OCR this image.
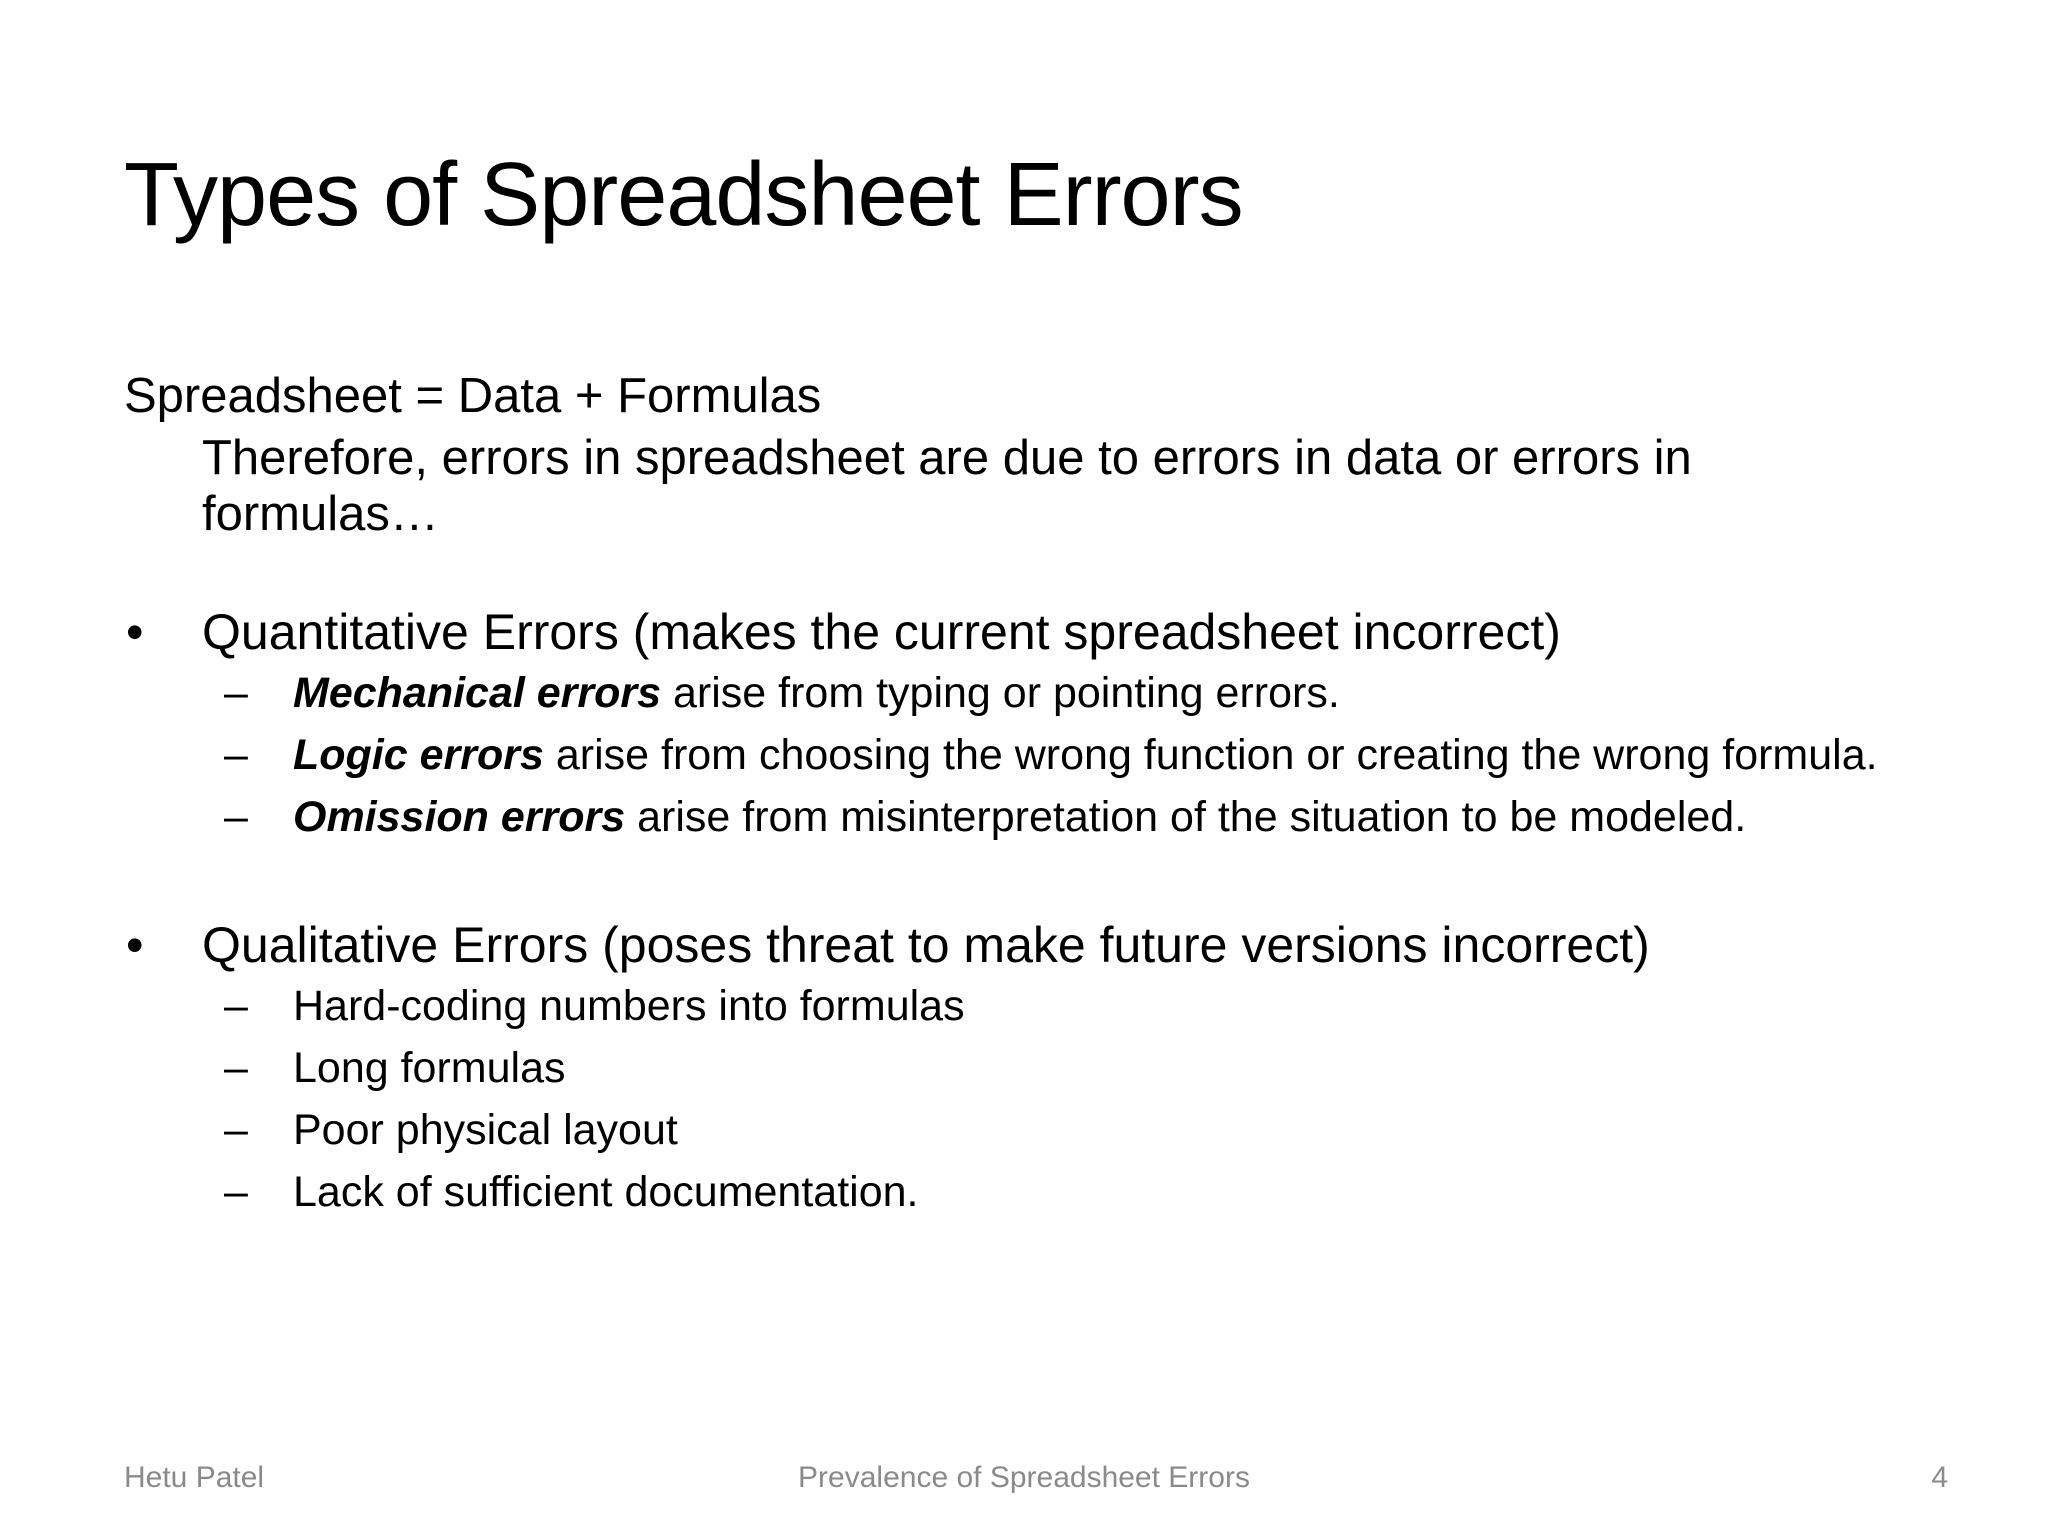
Types of Spreadsheet Errors
Spreadsheet = Data + Formulas
Therefore, errors in spreadsheet are due to errors in data or errors in formulas…
• Quantitative Errors (makes the current spreadsheet incorrect)
– Mechanical errors arise from typing or pointing errors.
– Logic errors arise from choosing the wrong function or creating the wrong formula.
– Omission errors arise from misinterpretation of the situation to be modeled.
• Qualitative Errors (poses threat to make future versions incorrect)
– Hard-coding numbers into formulas
– Long formulas
– Poor physical layout
– Lack of sufficient documentation.
Prevalence of Spreadsheet Errors
Hetu Patel	4
